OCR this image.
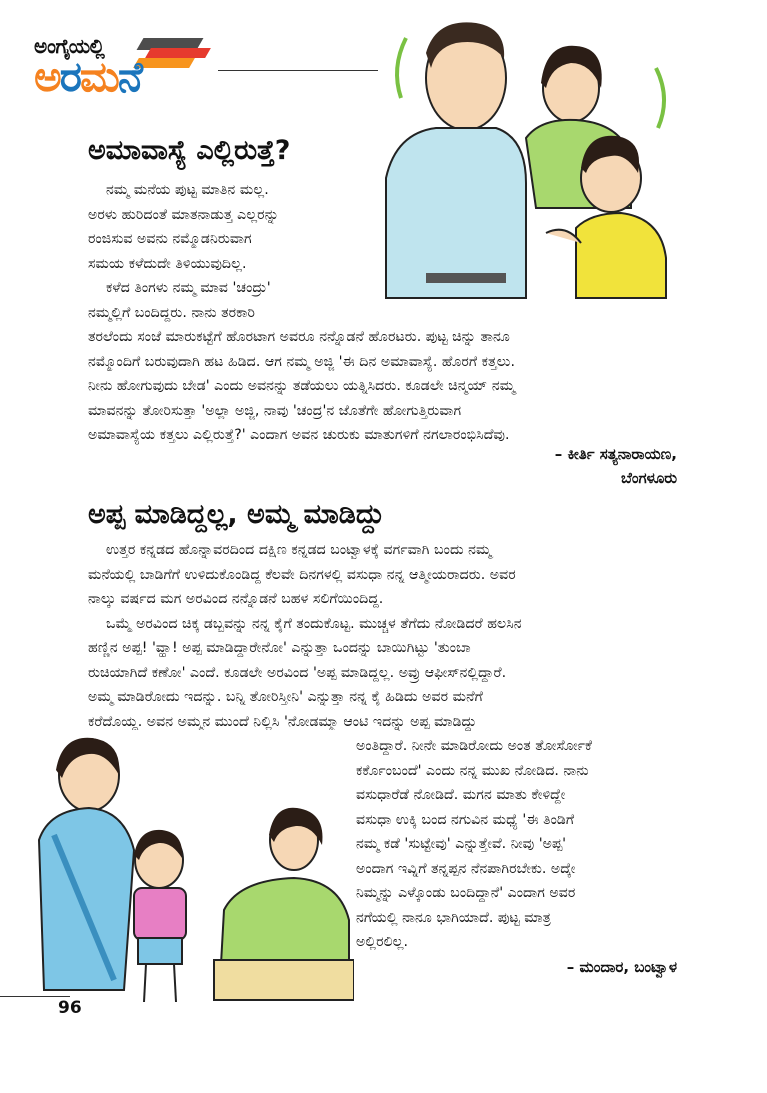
ಅಂಗೈಯಲ್ಲಿ
ಅರಮನೆ
ಅಮಾವಾಸ್ಯೆ ಎಲ್ಲಿರುತ್ತೆ?
ನಮ್ಮ ಮನೆಯ ಪುಟ್ಟ ಮಾತಿನ ಮಲ್ಲ.
ಅರಳು ಹುರಿದಂತೆ ಮಾತನಾಡುತ್ತ ಎಲ್ಲರನ್ನು
ರಂಜಿಸುವ ಅವನು ನಮ್ಮೊಡನಿರುವಾಗ
ಸಮಯ ಕಳೆದುದೇ ತಿಳಿಯುವುದಿಲ್ಲ.
ಕಳೆದ ತಿಂಗಳು ನಮ್ಮ ಮಾವ 'ಚಂದ್ರು'
ನಮ್ಮಲ್ಲಿಗೆ ಬಂದಿದ್ದರು. ನಾನು ತರಕಾರಿ
ತರಲೆಂದು ಸಂಜೆ ಮಾರುಕಟ್ಟೆಗೆ ಹೊರಟಾಗ ಅವರೂ ನನ್ನೊಡನೆ ಹೊರಟರು. ಪುಟ್ಟ ಚಿನ್ನು ತಾನೂ
ನಮ್ಮೊಂದಿಗೆ ಬರುವುದಾಗಿ ಹಟ ಹಿಡಿದ. ಆಗ ನಮ್ಮ ಅಜ್ಜಿ 'ಈ ದಿನ ಅಮಾವಾಸ್ಯೆ. ಹೊರಗೆ ಕತ್ತಲು.
ನೀನು ಹೋಗುವುದು ಬೇಡ' ಎಂದು ಅವನನ್ನು ತಡೆಯಲು ಯತ್ನಿಸಿದರು. ಕೂಡಲೇ ಚಿನ್ಮಯ್ ನಮ್ಮ
ಮಾವನನ್ನು ತೋರಿಸುತ್ತಾ 'ಅಲ್ಲಾ ಅಜ್ಜಿ, ನಾವು 'ಚಂದ್ರ'ನ ಜೊತೆಗೇ ಹೋಗುತ್ತಿರುವಾಗ
ಅಮಾವಾಸ್ಯೆಯ ಕತ್ತಲು ಎಲ್ಲಿರುತ್ತೆ?' ಎಂದಾಗ ಅವನ ಚುರುಕು ಮಾತುಗಳಿಗೆ ನಗಲಾರಂಭಿಸಿದೆವು.
– ಕೀರ್ತಿ ಸತ್ಯನಾರಾಯಣ,
ಬೆಂಗಳೂರು
ಅಪ್ಪ ಮಾಡಿದ್ದಲ್ಲ, ಅಮ್ಮ ಮಾಡಿದ್ದು
ಉತ್ತರ ಕನ್ನಡದ ಹೊನ್ನಾವರದಿಂದ ದಕ್ಷಿಣ ಕನ್ನಡದ ಬಂಟ್ವಾಳಕ್ಕೆ ವರ್ಗವಾಗಿ ಬಂದು ನಮ್ಮ
ಮನೆಯಲ್ಲಿ ಬಾಡಿಗೆಗೆ ಉಳಿದುಕೊಂಡಿದ್ದ ಕೆಲವೇ ದಿನಗಳಲ್ಲಿ ವಸುಧಾ ನನ್ನ ಆತ್ಮೀಯರಾದರು. ಅವರ
ನಾಲ್ಕು ವರ್ಷದ ಮಗ ಅರವಿಂದ ನನ್ನೊಡನೆ ಬಹಳ ಸಲಿಗೆಯಿಂದಿದ್ದ.
ಒಮ್ಮೆ ಅರವಿಂದ ಚಿಕ್ಕ ಡಬ್ಬವನ್ನು ನನ್ನ ಕೈಗೆ ತಂದುಕೊಟ್ಟ. ಮುಚ್ಚಳ ತೆಗೆದು ನೋಡಿದರೆ ಹಲಸಿನ
ಹಣ್ಣಿನ ಅಪ್ಪ! 'ವ್ಹಾ! ಅಪ್ಪ ಮಾಡಿದ್ದಾರೇನೋ' ಎನ್ನುತ್ತಾ ಒಂದನ್ನು ಬಾಯಿಗಿಟ್ಟು 'ತುಂಬಾ
ರುಚಿಯಾಗಿದೆ ಕಣೋ' ಎಂದೆ. ಕೂಡಲೇ ಅರವಿಂದ 'ಅಪ್ಪ ಮಾಡಿದ್ದಲ್ಲ. ಅವ್ರು ಆಫೀಸ್‌ನಲ್ಲಿದ್ದಾರೆ.
ಅಮ್ಮ ಮಾಡಿರೋದು ಇದನ್ನು. ಬನ್ನಿ ತೋರಿಸ್ತೀನಿ' ಎನ್ನುತ್ತಾ ನನ್ನ ಕೈ ಹಿಡಿದು ಅವರ ಮನೆಗೆ
ಕರೆದೊಯ್ದ. ಅವನ ಅಮ್ಮನ ಮುಂದೆ ನಿಲ್ಲಿಸಿ 'ನೋಡಮ್ಮಾ ಆಂಟಿ ಇದನ್ನು ಅಪ್ಪ ಮಾಡಿದ್ದು
ಅಂತಿದ್ದಾರೆ. ನೀನೇ ಮಾಡಿರೋದು ಅಂತ ತೋರ್ಸೋಕೆ
ಕರ್ಕೊಂಬಂದೆ' ಎಂದು ನನ್ನ ಮುಖ ನೋಡಿದ. ನಾನು
ವಸುಧಾರೆಡೆ ನೋಡಿದೆ. ಮಗನ ಮಾತು ಕೇಳಿದ್ದೇ
ವಸುಧಾ ಉಕ್ಕಿ ಬಂದ ನಗುವಿನ ಮಧ್ಯೆ 'ಈ ತಿಂಡಿಗೆ
ನಮ್ಮ ಕಡೆ 'ಸುಟ್ಟೇವು' ಎನ್ನುತ್ತೇವೆ. ನೀವು 'ಅಪ್ಪ'
ಅಂದಾಗ ಇವ್ನಿಗೆ ತನ್ನಪ್ಪನ ನೆನಪಾಗಿರಬೇಕು. ಅದ್ಕೇ
ನಿಮ್ಮನ್ನು ಎಳ್ಕೊಂಡು ಬಂದಿದ್ದಾನೆ' ಎಂದಾಗ ಅವರ
ನಗೆಯಲ್ಲಿ ನಾನೂ ಭಾಗಿಯಾದೆ. ಪುಟ್ಟ ಮಾತ್ರ
ಅಲ್ಲಿರಲಿಲ್ಲ.
– ಮಂದಾರ, ಬಂಟ್ವಾಳ
96
